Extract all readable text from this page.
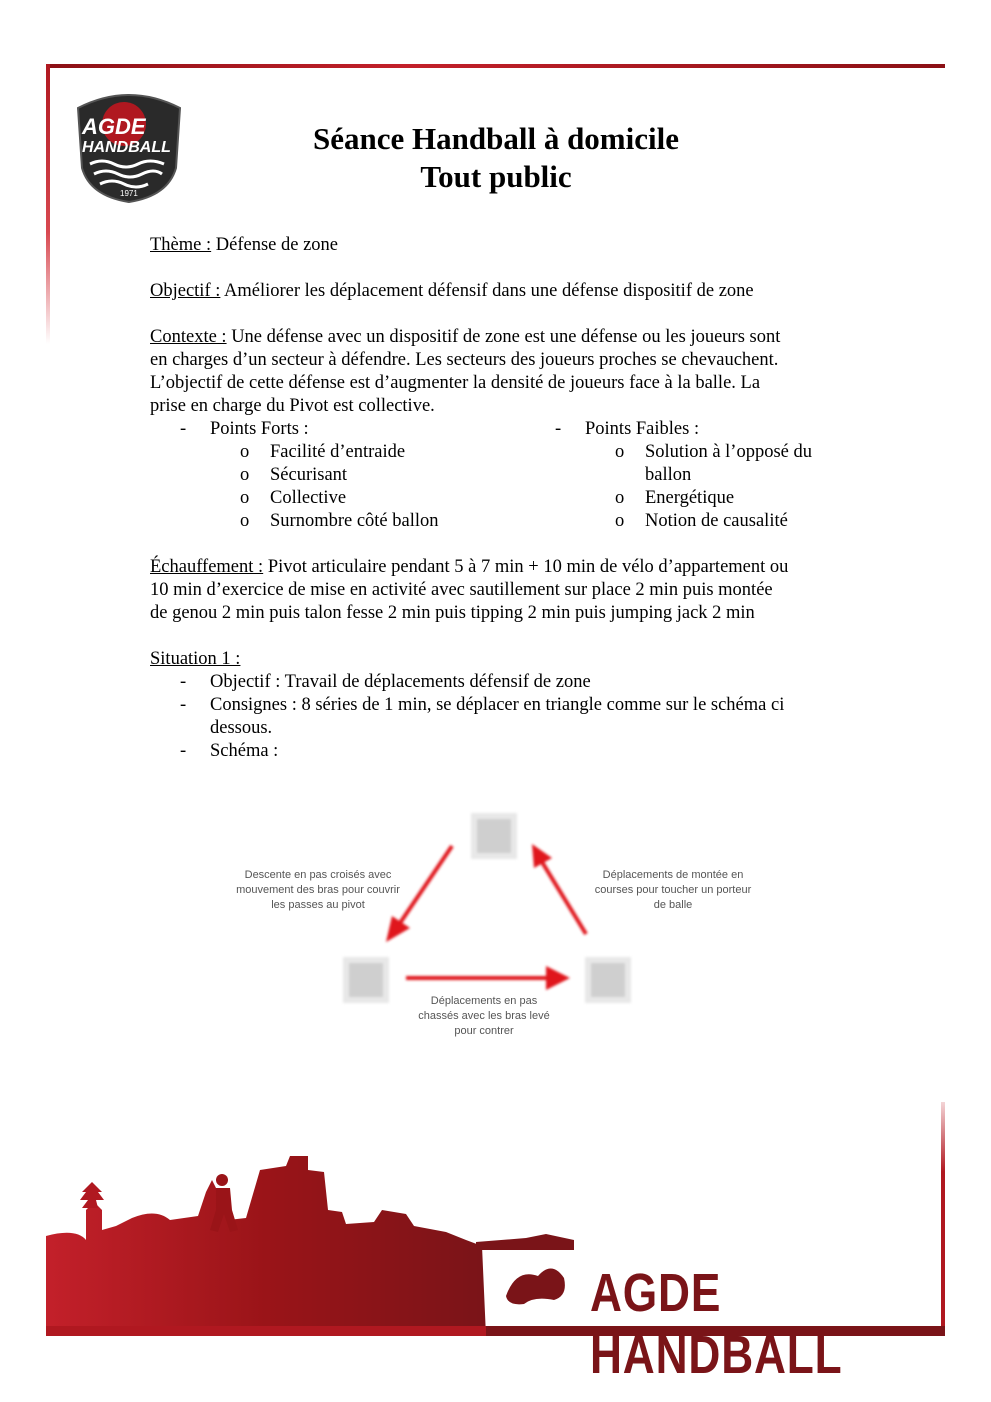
AGDE
HANDBALL
1971
Séance Handball à domicile
Tout public
Thème : Défense de zone
Objectif : Améliorer les déplacement défensif dans une défense dispositif de zone
Contexte : Une défense avec un dispositif de zone est une défense ou les joueurs sont
en charges d’un secteur à défendre. Les secteurs des joueurs proches se chevauchent.
L’objectif de cette défense est d’augmenter la densité de joueurs face à la balle. La
prise en charge du Pivot est collective.
-	Points Forts :
o	Facilité d’entraide
o	Sécurisant
o	Collective
o	Surnombre côté ballon
-	Points Faibles :
o	Solution à l’opposé du
ballon
o	Energétique
o	Notion de causalité
Échauffement : Pivot articulaire pendant 5 à 7 min + 10 min de vélo d’appartement ou
10 min d’exercice de mise en activité avec sautillement sur place 2 min puis montée
de genou 2 min puis talon fesse 2 min puis tipping 2 min puis jumping jack 2 min
Situation 1 :
-	Objectif : Travail de déplacements défensif de zone
-	Consignes : 8 séries de 1 min, se déplacer en triangle comme sur le schéma ci
dessous.
-	Schéma :
Descente en pas croisés avec
mouvement des bras pour couvrir
les passes au pivot
Déplacements de montée en
courses pour toucher un porteur
de balle
Déplacements en pas
chassés avec les bras levé
pour contrer
AGDE HANDBALL
